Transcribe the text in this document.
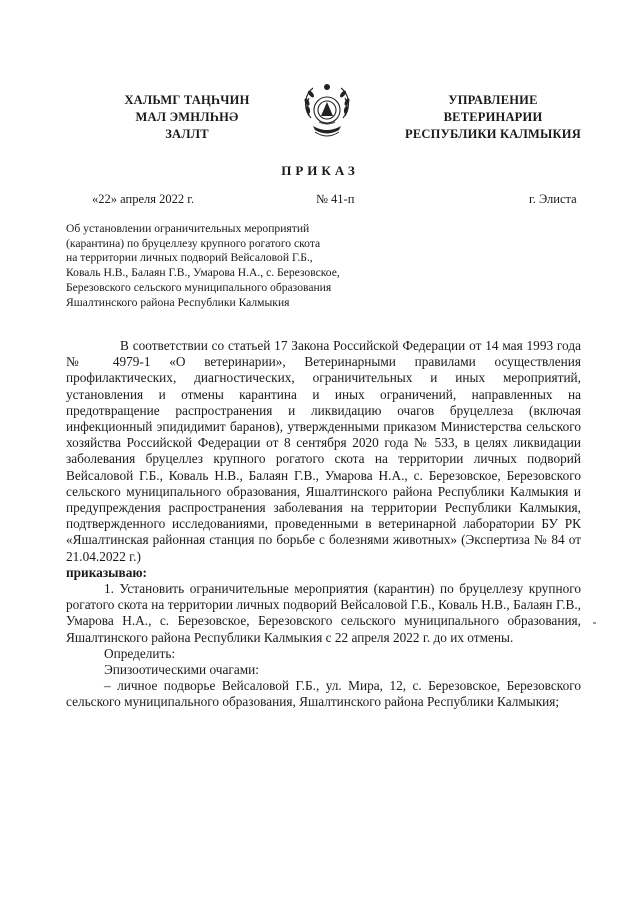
ХАЛЬМГ ТАҢҺЧИН
МАЛ ЭМНЛҺНӘ
ЗАЛЛТ
УПРАВЛЕНИЕ
ВЕТЕРИНАРИИ
РЕСПУБЛИКИ КАЛМЫКИЯ
ПРИКАЗ
«22» апреля 2022 г.	№ 41-п	г. Элиста
Об установлении ограничительных мероприятий
(карантина) по бруцеллезу крупного рогатого скота
на территории личных подворий Вейсаловой Г.Б.,
Коваль Н.В., Балаян Г.В., Умарова Н.А., с. Березовское,
Березовского сельского муниципального образования
Яшалтинского района Республики Калмыкия

В соответствии со статьей 17 Закона Российской Федерации от 14 мая 1993 года № 4979-1 «О ветеринарии», Ветеринарными правилами осуществления профилактических, диагностических, ограничительных и иных мероприятий, установления и отмены карантина и иных ограничений, направленных на предотвращение распространения и ликвидацию очагов бруцеллеза (включая инфекционный эпидидимит баранов), утвержденными приказом Министерства сельского хозяйства Российской Федерации от 8 сентября 2020 года № 533, в целях ликвидации заболевания бруцеллез крупного рогатого скота на территории личных подворий Вейсаловой Г.Б., Коваль Н.В., Балаян Г.В., Умарова Н.А., с. Березовское, Березовского сельского муниципального образования, Яшалтинского района Республики Калмыкия и предупреждения распространения заболевания на территории Республики Калмыкия, подтвержденного исследованиями, проведенными в ветеринарной лаборатории БУ РК «Яшалтинская районная станция по борьбе с болезнями животных» (Экспертиза № 84 от 21.04.2022 г.)

приказываю:

1. Установить ограничительные мероприятия (карантин) по бруцеллезу крупного рогатого скота на территории личных подворий Вейсаловой Г.Б., Коваль Н.В., Балаян Г.В., Умарова Н.А., с. Березовское, Березовского сельского муниципального образования, Яшалтинского района Республики Калмыкия с 22 апреля 2022 г. до их отмены.

Определить:

Эпизоотическими очагами:

– личное подворье Вейсаловой Г.Б., ул. Мира, 12, с. Березовское, Березовского сельского муниципального образования, Яшалтинского района Республики Калмыкия;
